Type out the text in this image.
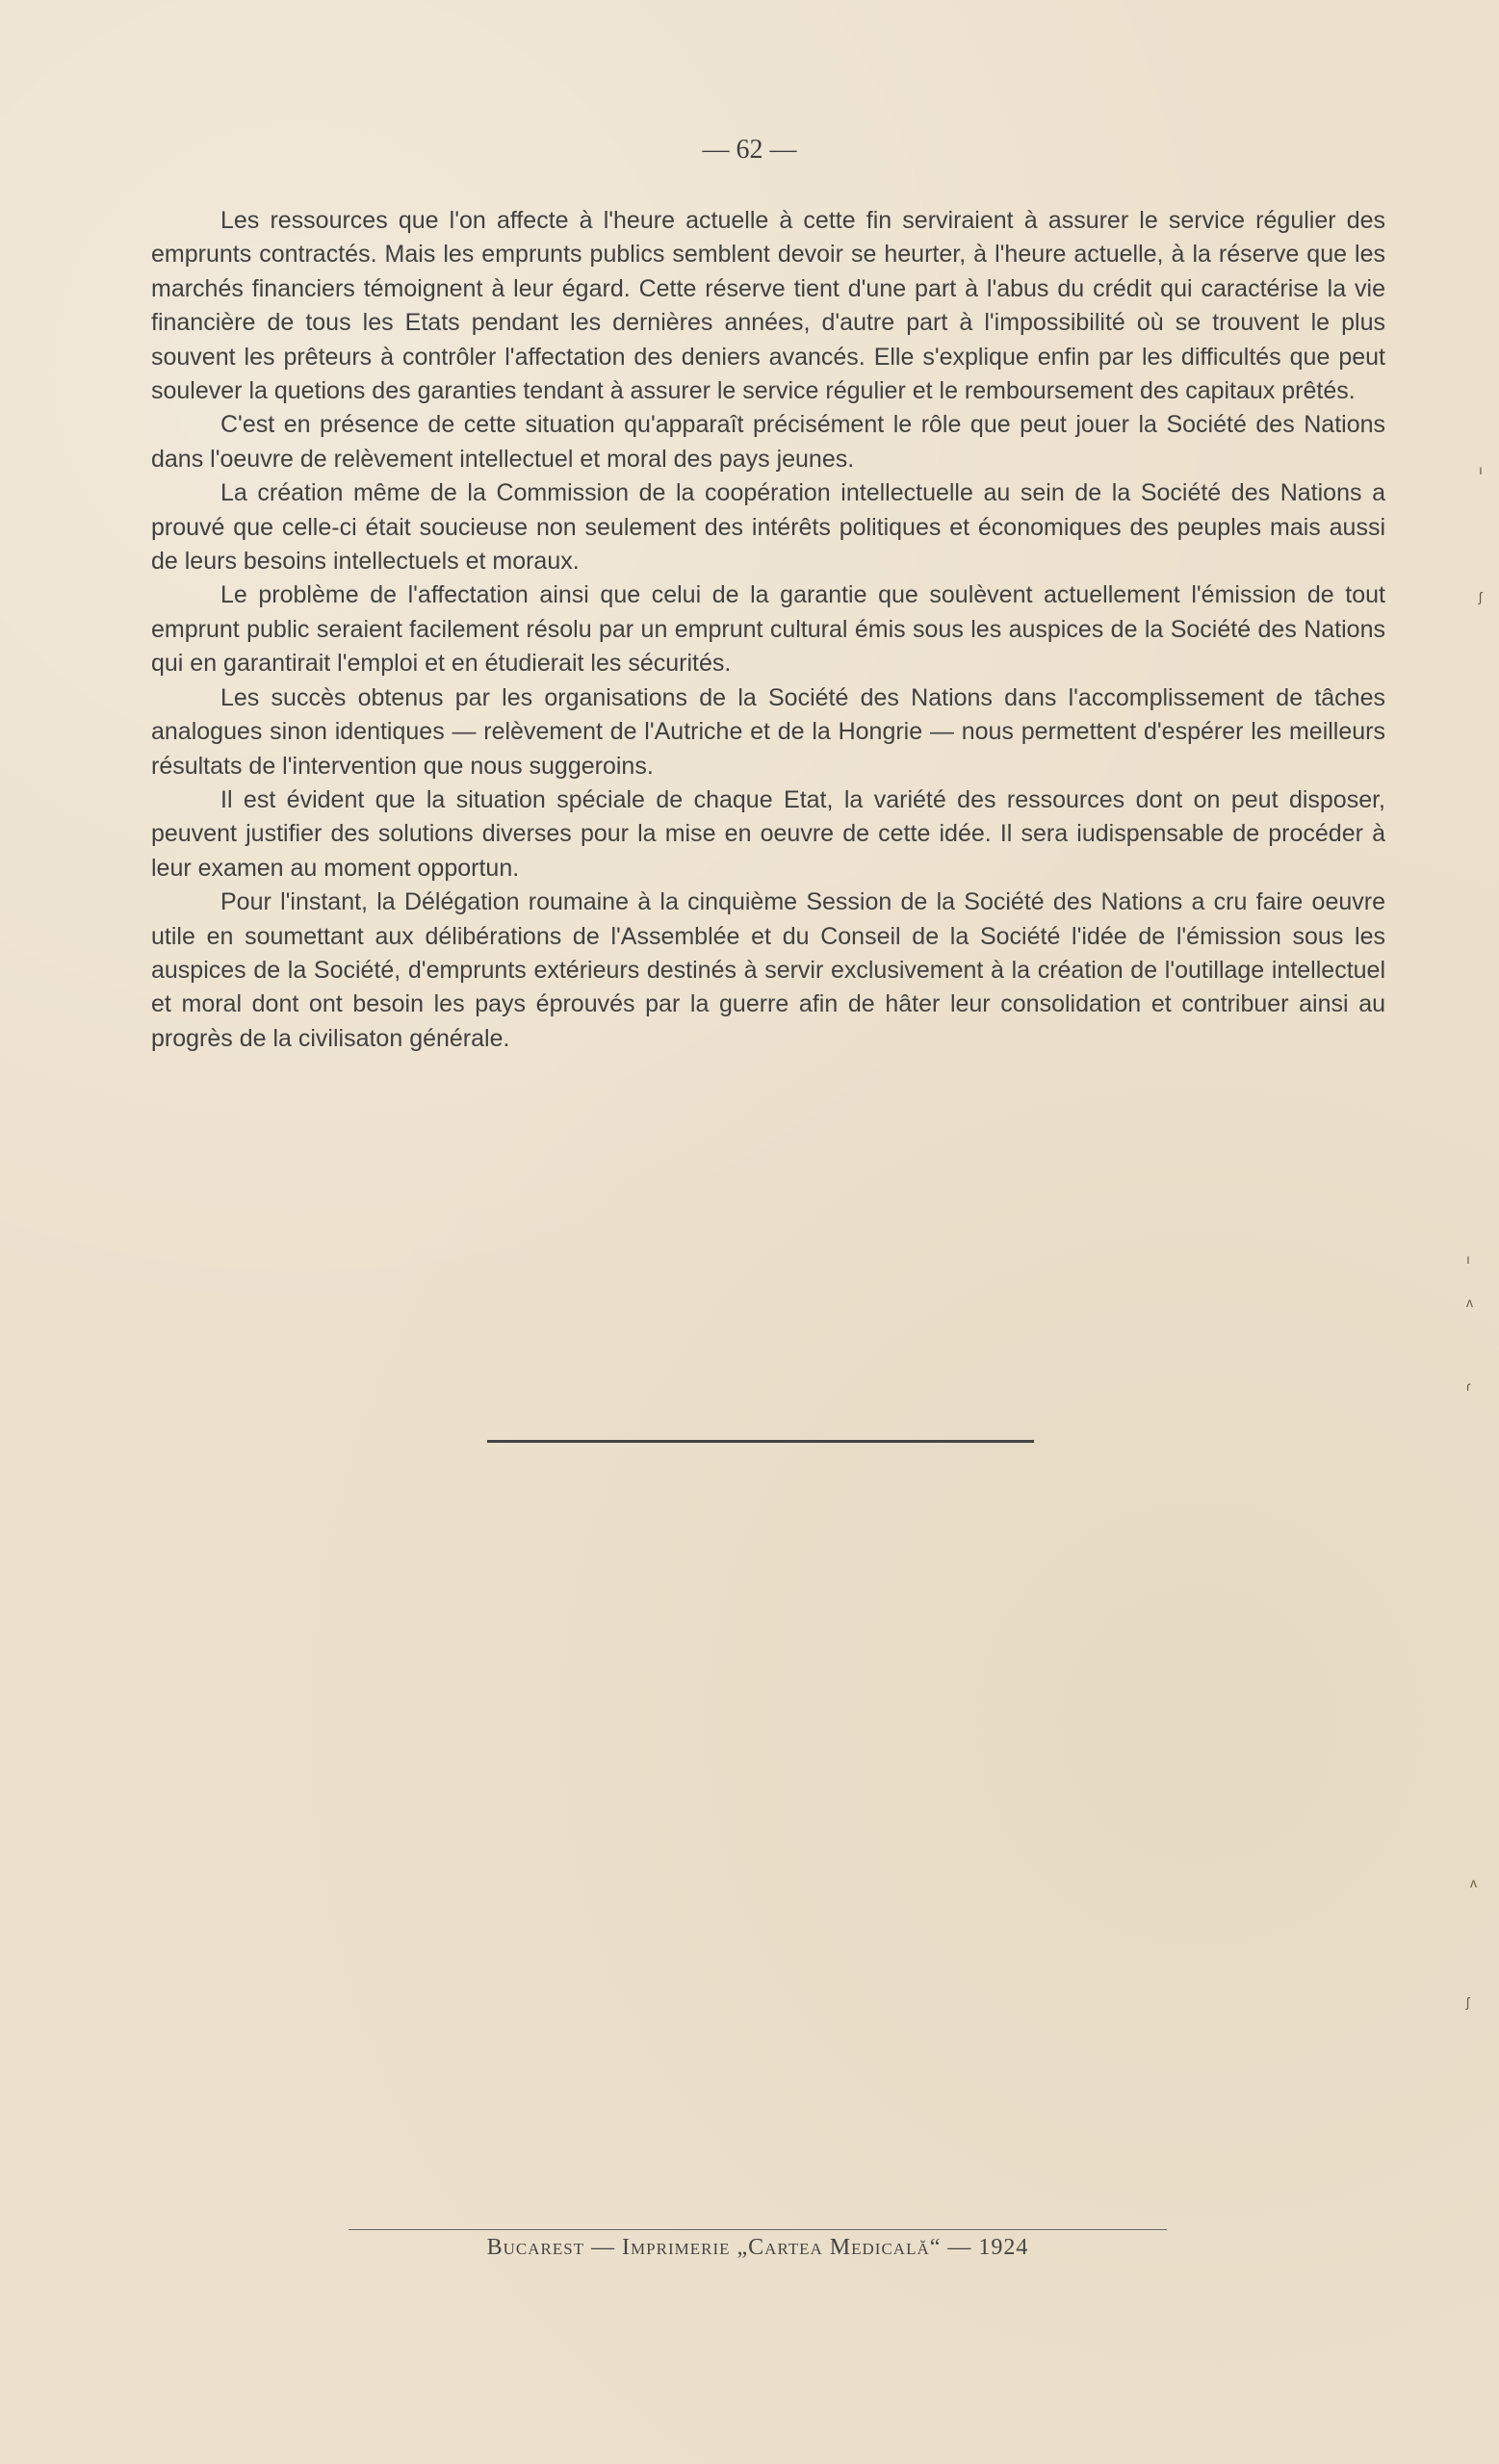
— 62 —

Les ressources que l'on affecte à l'heure actuelle à cette fin serviraient à assurer le service régulier des emprunts contractés. Mais les emprunts publics semblent devoir se heurter, à l'heure actuelle, à la réserve que les marchés financiers témoignent à leur égard. Cette réserve tient d'une part à l'abus du crédit qui caractérise la vie financière de tous les Etats pendant les dernières années, d'autre part à l'impossibilité où se trouvent le plus souvent les prêteurs à contrôler l'affectation des deniers avancés. Elle s'explique enfin par les difficultés que peut soulever la quetions des garanties tendant à assurer le service régulier et le remboursement des capitaux prêtés.

C'est en présence de cette situation qu'apparaît précisément le rôle que peut jouer la Société des Nations dans l'oeuvre de relèvement intellectuel et moral des pays jeunes.

La création même de la Commission de la coopération intellectuelle au sein de la Société des Nations a prouvé que celle-ci était soucieuse non seulement des intérêts politiques et économiques des peuples mais aussi de leurs besoins intellectuels et moraux.

Le problème de l'affectation ainsi que celui de la garantie que soulèvent actuellement l'émission de tout emprunt public seraient facilement résolu par un emprunt cultural émis sous les auspices de la Société des Nations qui en garantirait l'emploi et en étudierait les sécurités.

Les succès obtenus par les organisations de la Société des Nations dans l'accomplissement de tâches analogues sinon identiques — relèvement de l'Autriche et de la Hongrie — nous permettent d'espérer les meilleurs résultats de l'intervention que nous suggeroins.

Il est évident que la situation spéciale de chaque Etat, la variété des ressources dont on peut disposer, peuvent justifier des solutions diverses pour la mise en oeuvre de cette idée. Il sera iudispensable de procéder à leur examen au moment opportun.

Pour l'instant, la Délégation roumaine à la cinquième Session de la Société des Nations a cru faire oeuvre utile en soumettant aux délibérations de l'Assemblée et du Conseil de la Société l'idée de l'émission sous les auspices de la Société, d'emprunts extérieurs destinés à servir exclusivement à la création de l'outillage intellectuel et moral dont ont besoin les pays éprouvés par la guerre afin de hâter leur consolidation et contribuer ainsi au progrès de la civilisaton générale.

Bucarest — Imprimerie „Cartea Medicală“ — 1924
ı
ʃ
ı
ʌ
ɾ
ʌ
ʃ
